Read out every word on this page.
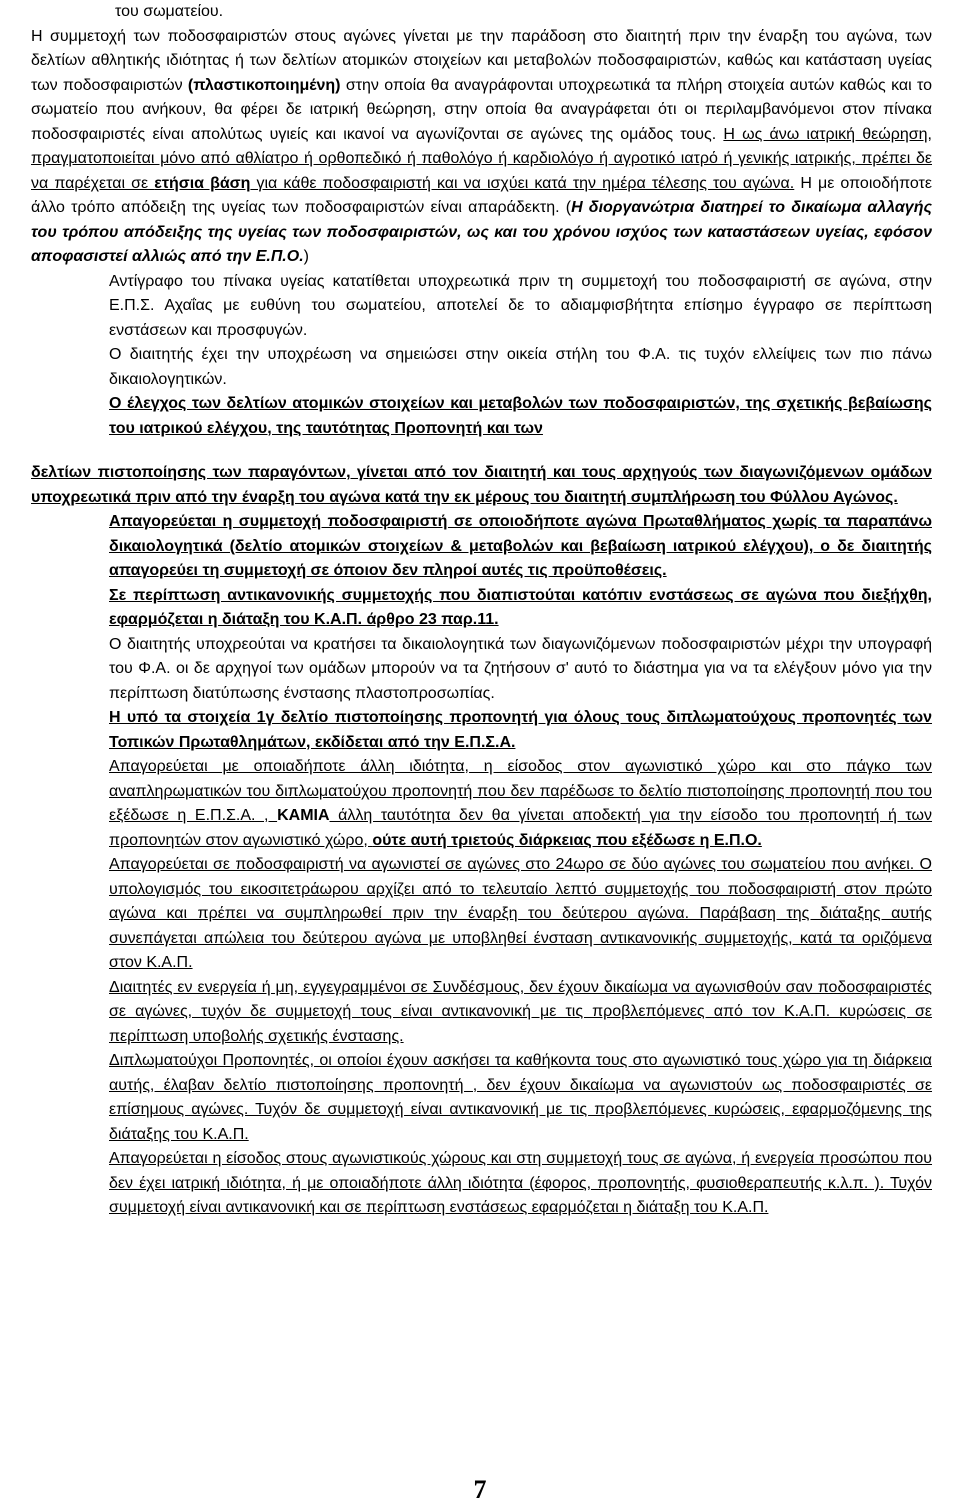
του σωματείου.

Η συμμετοχή των ποδοσφαιριστών στους αγώνες γίνεται με την παράδοση στο διαιτητή πριν την έναρξη του αγώνα, των δελτίων αθλητικής ιδιότητας ή των δελτίων ατομικών στοιχείων και μεταβολών ποδοσφαιριστών, καθώς και κατάσταση υγείας των ποδοσφαιριστών (πλαστικοποιημένη) στην οποία θα αναγράφονται υποχρεωτικά τα πλήρη στοιχεία αυτών καθώς και το σωματείο που ανήκουν, θα φέρει δε ιατρική θεώρηση, στην οποία θα αναγράφεται ότι οι περιλαμβανόμενοι στον πίνακα ποδοσφαιριστές είναι απολύτως υγιείς και ικανοί να αγωνίζονται σε αγώνες της ομάδος τους. Η ως άνω ιατρική θεώρηση, πραγματοποιείται μόνο από αθλίατρο ή ορθοπεδικό ή παθολόγο ή καρδιολόγο ή αγροτικό ιατρό ή γενικής ιατρικής, πρέπει δε να παρέχεται σε ετήσια βάση για κάθε ποδοσφαιριστή και να ισχύει κατά την ημέρα τέλεσης του αγώνα. Η με οποιοδήποτε άλλο τρόπο απόδειξη της υγείας των ποδοσφαιριστών είναι απαράδεκτη. (Η διοργανώτρια διατηρεί το δικαίωμα αλλαγής του τρόπου απόδειξης της υγείας των ποδοσφαιριστών, ως και του χρόνου ισχύος των καταστάσεων υγείας, εφόσον αποφασιστεί αλλιώς από την Ε.Π.Ο.)

Αντίγραφο του πίνακα υγείας κατατίθεται υποχρεωτικά πριν τη συμμετοχή του ποδοσφαιριστή σε αγώνα, στην Ε.Π.Σ. Αχαΐας με ευθύνη του σωματείου, αποτελεί δε το αδιαμφισβήτητα επίσημο έγγραφο σε περίπτωση ενστάσεων και προσφυγών.

Ο διαιτητής έχει την υποχρέωση να σημειώσει στην οικεία στήλη του Φ.Α. τις τυχόν ελλείψεις των πιο πάνω δικαιολογητικών.

Ο έλεγχος των δελτίων ατομικών στοιχείων και μεταβολών των ποδοσφαιριστών, της σχετικής βεβαίωσης του ιατρικού ελέγχου, της ταυτότητας Προπονητή και των

δελτίων πιστοποίησης των παραγόντων, γίνεται από τον διαιτητή και τους αρχηγούς των διαγωνιζόμενων ομάδων υποχρεωτικά πριν από την έναρξη του αγώνα κατά την εκ μέρους του διαιτητή συμπλήρωση του Φύλλου Αγώνος.

Απαγορεύεται η συμμετοχή ποδοσφαιριστή σε οποιοδήποτε αγώνα Πρωταθλήματος χωρίς τα παραπάνω δικαιολογητικά (δελτίο ατομικών στοιχείων & μεταβολών και βεβαίωση ιατρικού ελέγχου), ο δε διαιτητής απαγορεύει τη συμμετοχή σε όποιον δεν πληροί αυτές τις προϋποθέσεις.

Σε περίπτωση αντικανονικής συμμετοχής που διαπιστούται κατόπιν ενστάσεως σε αγώνα που διεξήχθη, εφαρμόζεται η διάταξη του Κ.Α.Π. άρθρο 23 παρ.11.

Ο διαιτητής υποχρεούται να κρατήσει τα δικαιολογητικά των διαγωνιζόμενων ποδοσφαιριστών μέχρι την υπογραφή του Φ.Α. οι δε αρχηγοί των ομάδων μπορούν να τα ζητήσουν σ' αυτό το διάστημα για να τα ελέγξουν μόνο για την περίπτωση διατύπωσης ένστασης πλαστοπροσωπίας.

Η υπό τα στοιχεία 1γ δελτίο πιστοποίησης προπονητή για όλους τους διπλωματούχους προπονητές των Τοπικών Πρωταθλημάτων, εκδίδεται από την Ε.Π.Σ.Α.

Απαγορεύεται με οποιαδήποτε άλλη ιδιότητα, η είσοδος στον αγωνιστικό χώρο και στο πάγκο των αναπληρωματικών του διπλωματούχου προπονητή που δεν παρέδωσε το δελτίο πιστοποίησης προπονητή που του εξέδωσε η Ε.Π.Σ.Α. , ΚΑΜΙΑ άλλη ταυτότητα δεν θα γίνεται αποδεκτή για την είσοδο του προπονητή ή των προπονητών στον αγωνιστικό χώρο, ούτε αυτή τριετούς διάρκειας που εξέδωσε η Ε.Π.Ο.

Απαγορεύεται σε ποδοσφαιριστή να αγωνιστεί σε αγώνες στο 24ωρο σε δύο αγώνες του σωματείου που ανήκει. Ο υπολογισμός του εικοσιτετράωρου αρχίζει από το τελευταίο λεπτό συμμετοχής του ποδοσφαιριστή στον πρώτο αγώνα και πρέπει να συμπληρωθεί πριν την έναρξη του δεύτερου αγώνα. Παράβαση της διάταξης αυτής συνεπάγεται απώλεια του δεύτερου αγώνα με υποβληθεί ένσταση αντικανονικής συμμετοχής, κατά τα οριζόμενα στον Κ.Α.Π.

Διαιτητές εν ενεργεία ή μη, εγγεγραμμένοι σε Συνδέσμους, δεν έχουν δικαίωμα να αγωνισθούν σαν ποδοσφαιριστές σε αγώνες, τυχόν δε συμμετοχή τους είναι αντικανονική με τις προβλεπόμενες από τον Κ.Α.Π. κυρώσεις σε περίπτωση υποβολής σχετικής ένστασης.

Διπλωματούχοι Προπονητές, οι οποίοι έχουν ασκήσει τα καθήκοντα τους στο αγωνιστικό τους χώρο για τη διάρκεια αυτής, έλαβαν δελτίο πιστοποίησης προπονητή , δεν έχουν δικαίωμα να αγωνιστούν ως ποδοσφαιριστές σε επίσημους αγώνες. Τυχόν δε συμμετοχή είναι αντικανονική με τις προβλεπόμενες κυρώσεις, εφαρμοζόμενης της διάταξης του Κ.Α.Π.

Απαγορεύεται η είσοδος στους αγωνιστικούς χώρους και στη συμμετοχή τους σε αγώνα, ή ενεργεία προσώπου που δεν έχει ιατρική ιδιότητα, ή με οποιαδήποτε άλλη ιδιότητα (έφορος, προπονητής, φυσιοθεραπευτής κ.λ.π. ). Τυχόν συμμετοχή είναι αντικανονική και σε περίπτωση ενστάσεως εφαρμόζεται η διάταξη του Κ.Α.Π.

7
